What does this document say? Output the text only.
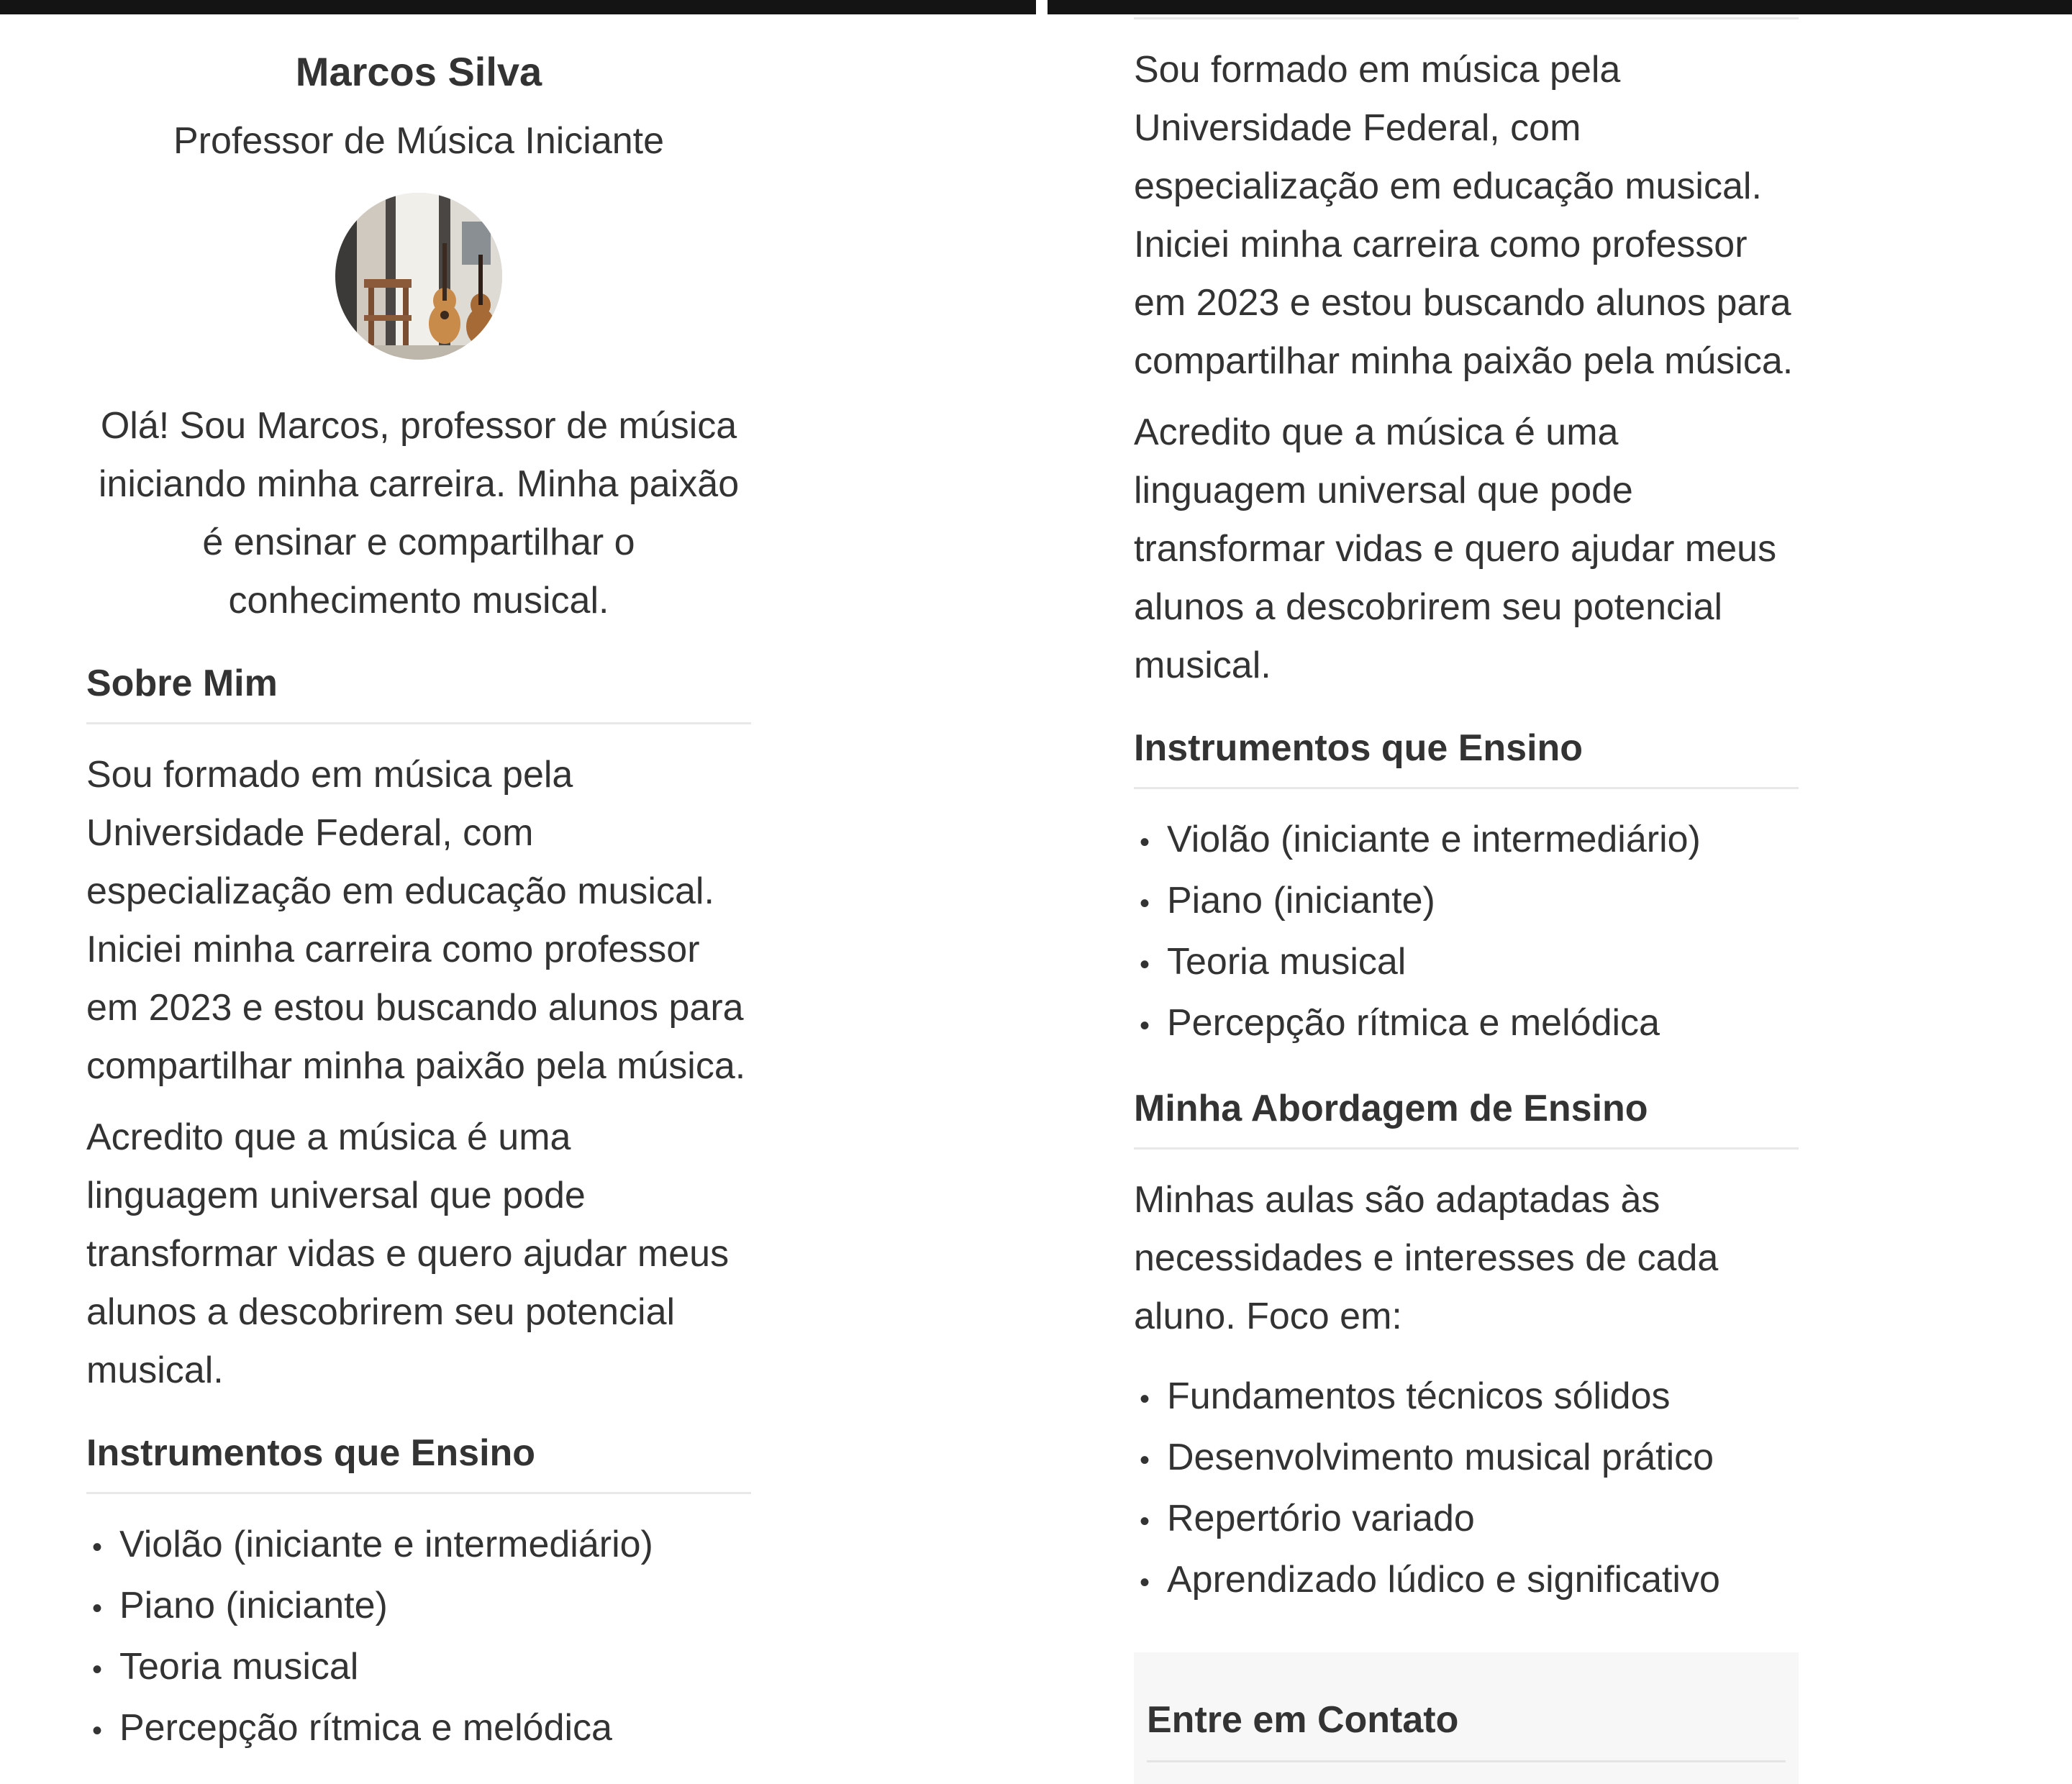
Marcos Silva

Professor de Música Iniciante

Olá! Sou Marcos, professor de música iniciando minha carreira. Minha paixão é ensinar e compartilhar o conhecimento musical.

Sobre Mim

Sou formado em música pela Universidade Federal, com especialização em educação musical. Iniciei minha carreira como professor em 2023 e estou buscando alunos para compartilhar minha paixão pela música.

Acredito que a música é uma linguagem universal que pode transformar vidas e quero ajudar meus alunos a descobrirem seu potencial musical.

Instrumentos que Ensino
• Violão (iniciante e intermediário)
• Piano (iniciante)
• Teoria musical
• Percepção rítmica e melódica

Sou formado em música pela Universidade Federal, com especialização em educação musical. Iniciei minha carreira como professor em 2023 e estou buscando alunos para compartilhar minha paixão pela música.

Acredito que a música é uma linguagem universal que pode transformar vidas e quero ajudar meus alunos a descobrirem seu potencial musical.

Instrumentos que Ensino
• Violão (iniciante e intermediário)
• Piano (iniciante)
• Teoria musical
• Percepção rítmica e melódica
Minha Abordagem de Ensino

Minhas aulas são adaptadas às necessidades e interesses de cada aluno. Foco em:

• Fundamentos técnicos sólidos
• Desenvolvimento musical prático
• Repertório variado
• Aprendizado lúdico e significativo
Entre em Contato
